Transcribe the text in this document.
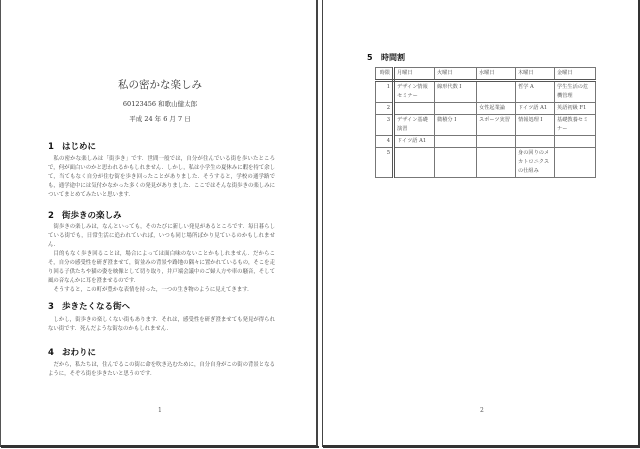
私の密かな楽しみ
60123456 和歌山健太郎
平成 24 年 6 月 7 日
1 はじめに

私の密かな楽しみは「街歩き」です．世間一般では，自分が住んでいる街を歩いたところで，何が面白いのかと思われるかもしれません．しかし，私は小学生の夏休みに暇を持て余して，当てもなく自分が住む街を歩き回ったことがありました．そうすると，学校の通学路でも，通学途中には気付かなかった多くの発見がありました．ここではそんな街歩きの楽しみについてまとめてみたいと思います．

2 街歩きの楽しみ

街歩きの楽しみは，なんといっても，そのたびに新しい発見があるところです．毎日暮らしている街でも，日常生活に追われていれば，いつも同じ場所ばかり見ているのかもしれません．

目的もなく歩き回ることは，場合によっては面白味のないことかもしれません．だからこそ，自分の感受性を研ぎ澄ませて，街並みの背景や路地の隅々に置かれているもの，そこを走り回る子供たちや猫の姿を映像として切り取り，井戸端会議中のご婦人方や車の騒音，そして風の音なんかに耳を澄ませるのです．

そうすると，この町が豊かな表情を持った，一つの生き物のように見えてきます．

3 歩きたくなる街へ

しかし，街歩きの楽しくない街もあります．それは，感受性を研ぎ澄ませても発見が得られない街です．死んだような街なのかもしれません．

4 おわりに

だから，私たちは，住んでるこの街に命を吹き込むために，自分自身がこの街の背景となるように，そぞろ街を歩きたいと思うのです．

1	2
5 時間割
時限	月曜日	火曜日	水曜日	木曜日	金曜日
1	デザイン情報セミナー	線形代数 I		哲学 A	学生生活の危機管理
2			女性起業論	ドイツ語 A1	英語初級 F1
3	デザイン基礎演習	微積分 I	スポーツ実習	情報処理 I	基礎教養セミナー
4	ドイツ語 A1				
5				身の回りのメカトロニクスの仕組み	
